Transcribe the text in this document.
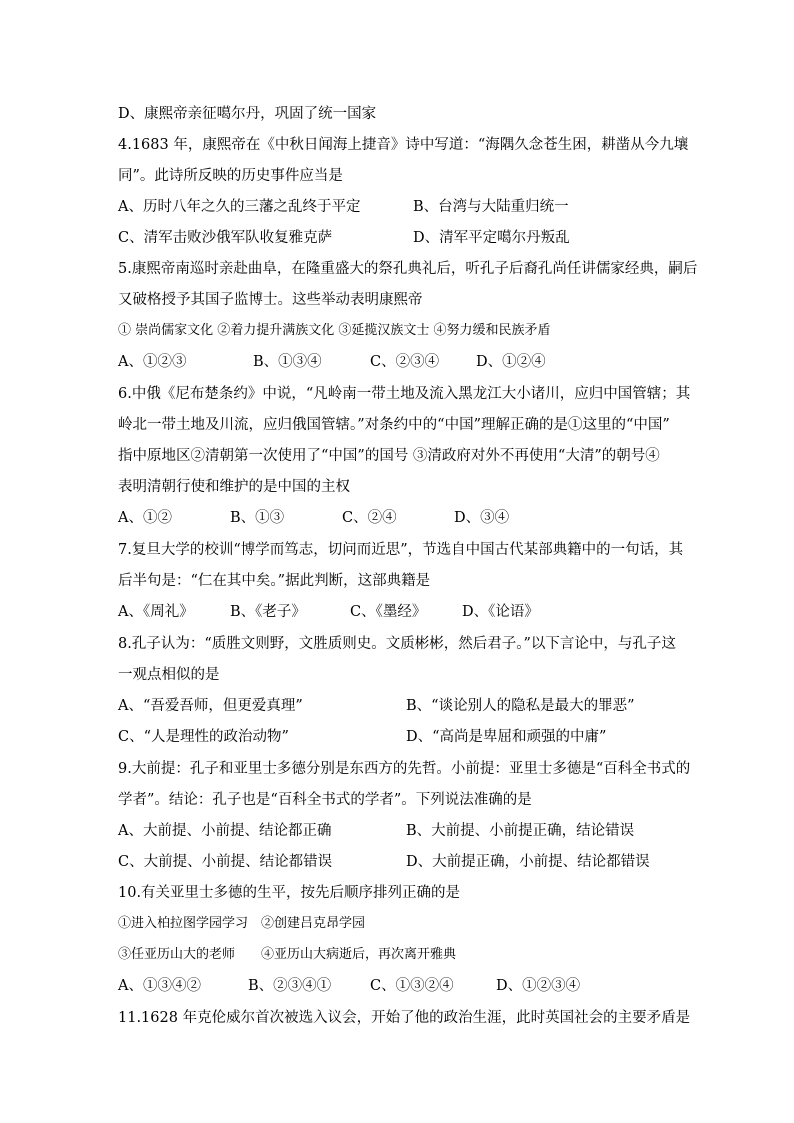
D、康熙帝亲征噶尔丹，巩固了统一国家
4.1683 年，康熙帝在《中秋日闻海上捷音》诗中写道：“海隅久念苍生困，耕凿从今九壤
同”。此诗所反映的历史事件应当是
A、历时八年之久的三藩之乱终于平定	B、台湾与大陆重归统一
C、清军击败沙俄军队收复雅克萨	D、清军平定噶尔丹叛乱
5.康熙帝南巡时亲赴曲阜，在隆重盛大的祭孔典礼后，听孔子后裔孔尚任讲儒家经典，嗣后
又破格授予其国子监博士。这些举动表明康熙帝
① 崇尚儒家文化 ②着力提升满族文化 ③延揽汉族文士 ④努力缓和民族矛盾
A、①②③	B、①③④	C、②③④	D、①②④
6.中俄《尼布楚条约》中说，“凡岭南一带土地及流入黑龙江大小诸川，应归中国管辖；其
岭北一带土地及川流，应归俄国管辖。”对条约中的“中国”理解正确的是①这里的“中国”
指中原地区②清朝第一次使用了“中国”的国号 ③清政府对外不再使用“大清”的朝号④
表明清朝行使和维护的是中国的主权
A、①②	B、①③	C、②④	D、③④
7.复旦大学的校训“博学而笃志，切问而近思”，节选自中国古代某部典籍中的一句话，其
后半句是：“仁在其中矣。”据此判断，这部典籍是
A、《周礼》	B、《老子》	C、《墨经》 D、《论语》
8.孔子认为：“质胜文则野，文胜质则史。文质彬彬，然后君子。”以下言论中，与孔子这
一观点相似的是
A、“吾爱吾师，但更爱真理”	B、“谈论别人的隐私是最大的罪恶”
C、“人是理性的政治动物”	D、“高尚是卑屈和顽强的中庸”
9.大前提：孔子和亚里士多德分别是东西方的先哲。小前提：亚里士多德是“百科全书式的
学者”。结论：孔子也是“百科全书式的学者”。下列说法准确的是
A、大前提、小前提、结论都正确	B、大前提、小前提正确，结论错误
C、大前提、小前提、结论都错误	D、大前提正确，小前提、结论都错误
10.有关亚里士多德的生平，按先后顺序排列正确的是
①进入柏拉图学园学习　②创建吕克昂学园
③任亚历山大的老师　　④亚历山大病逝后，再次离开雅典
A、①③④②	B、②③④①	C、①③②④	D、①②③④
11.1628 年克伦威尔首次被选入议会，开始了他的政治生涯，此时英国社会的主要矛盾是
